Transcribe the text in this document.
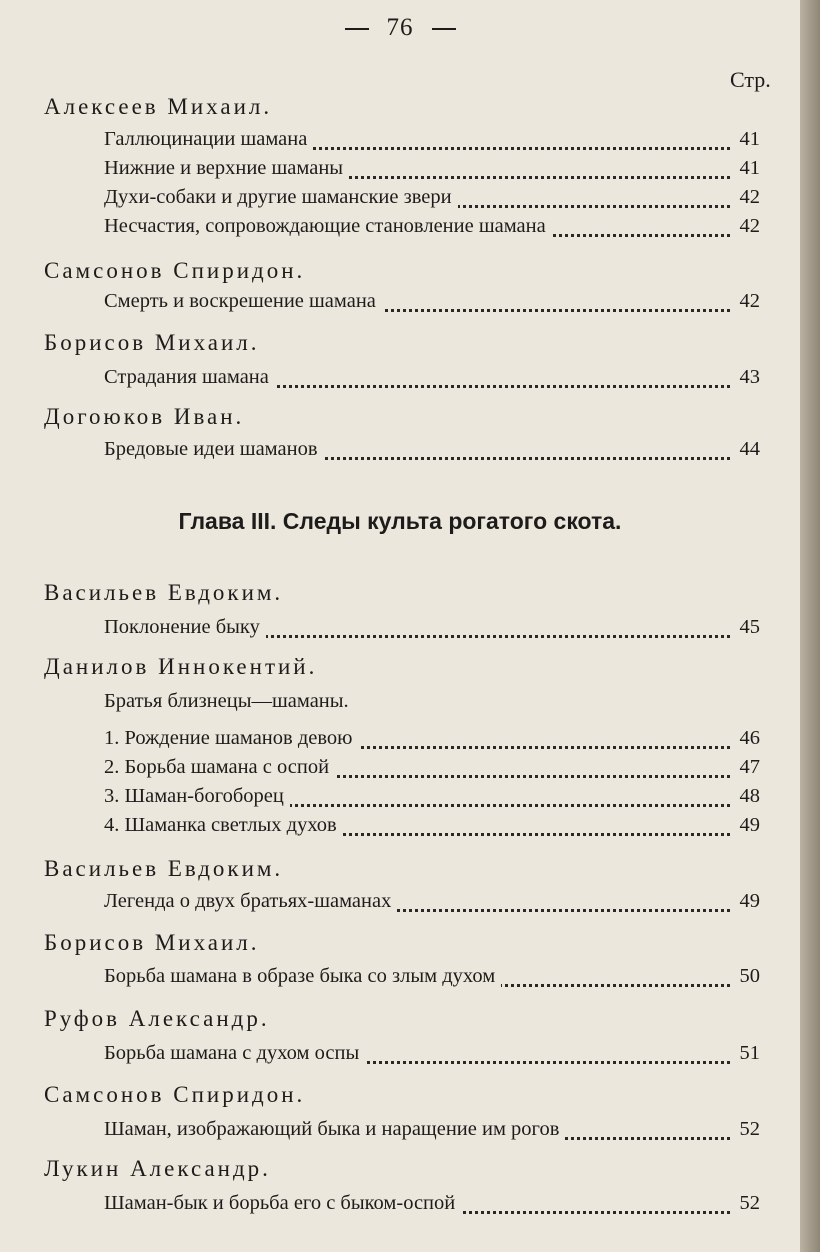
76
Стр.
Алексеев Михаил.
Галлюцинации шамана	41
Нижние и верхние шаманы	41
Духи-собаки и другие шаманские звери	42
Несчастия, сопровождающие становление шамана	42
Самсонов Спиридон.
Смерть и воскрешение шамана	42
Борисов Михаил.
Страдания шамана	43
Догоюков Иван.
Бредовые идеи шаманов	44
Глава III. Следы культа рогатого скота.
Васильев Евдоким.
Поклонение быку	45
Данилов Иннокентий.
Братья близнецы—шаманы.
1. Рождение шаманов девою	46
2. Борьба шамана с оспой	47
3. Шаман-богоборец	48
4. Шаманка светлых духов	49
Васильев Евдоким.
Легенда о двух братьях-шаманах	49
Борисов Михаил.
Борьба шамана в образе быка со злым духом	50
Руфов Александр.
Борьба шамана с духом оспы	51
Самсонов Спиридон.
Шаман, изображающий быка и наращение им рогов	52
Лукин Александр.
Шаман-бык и борьба его с быком-оспой	52
